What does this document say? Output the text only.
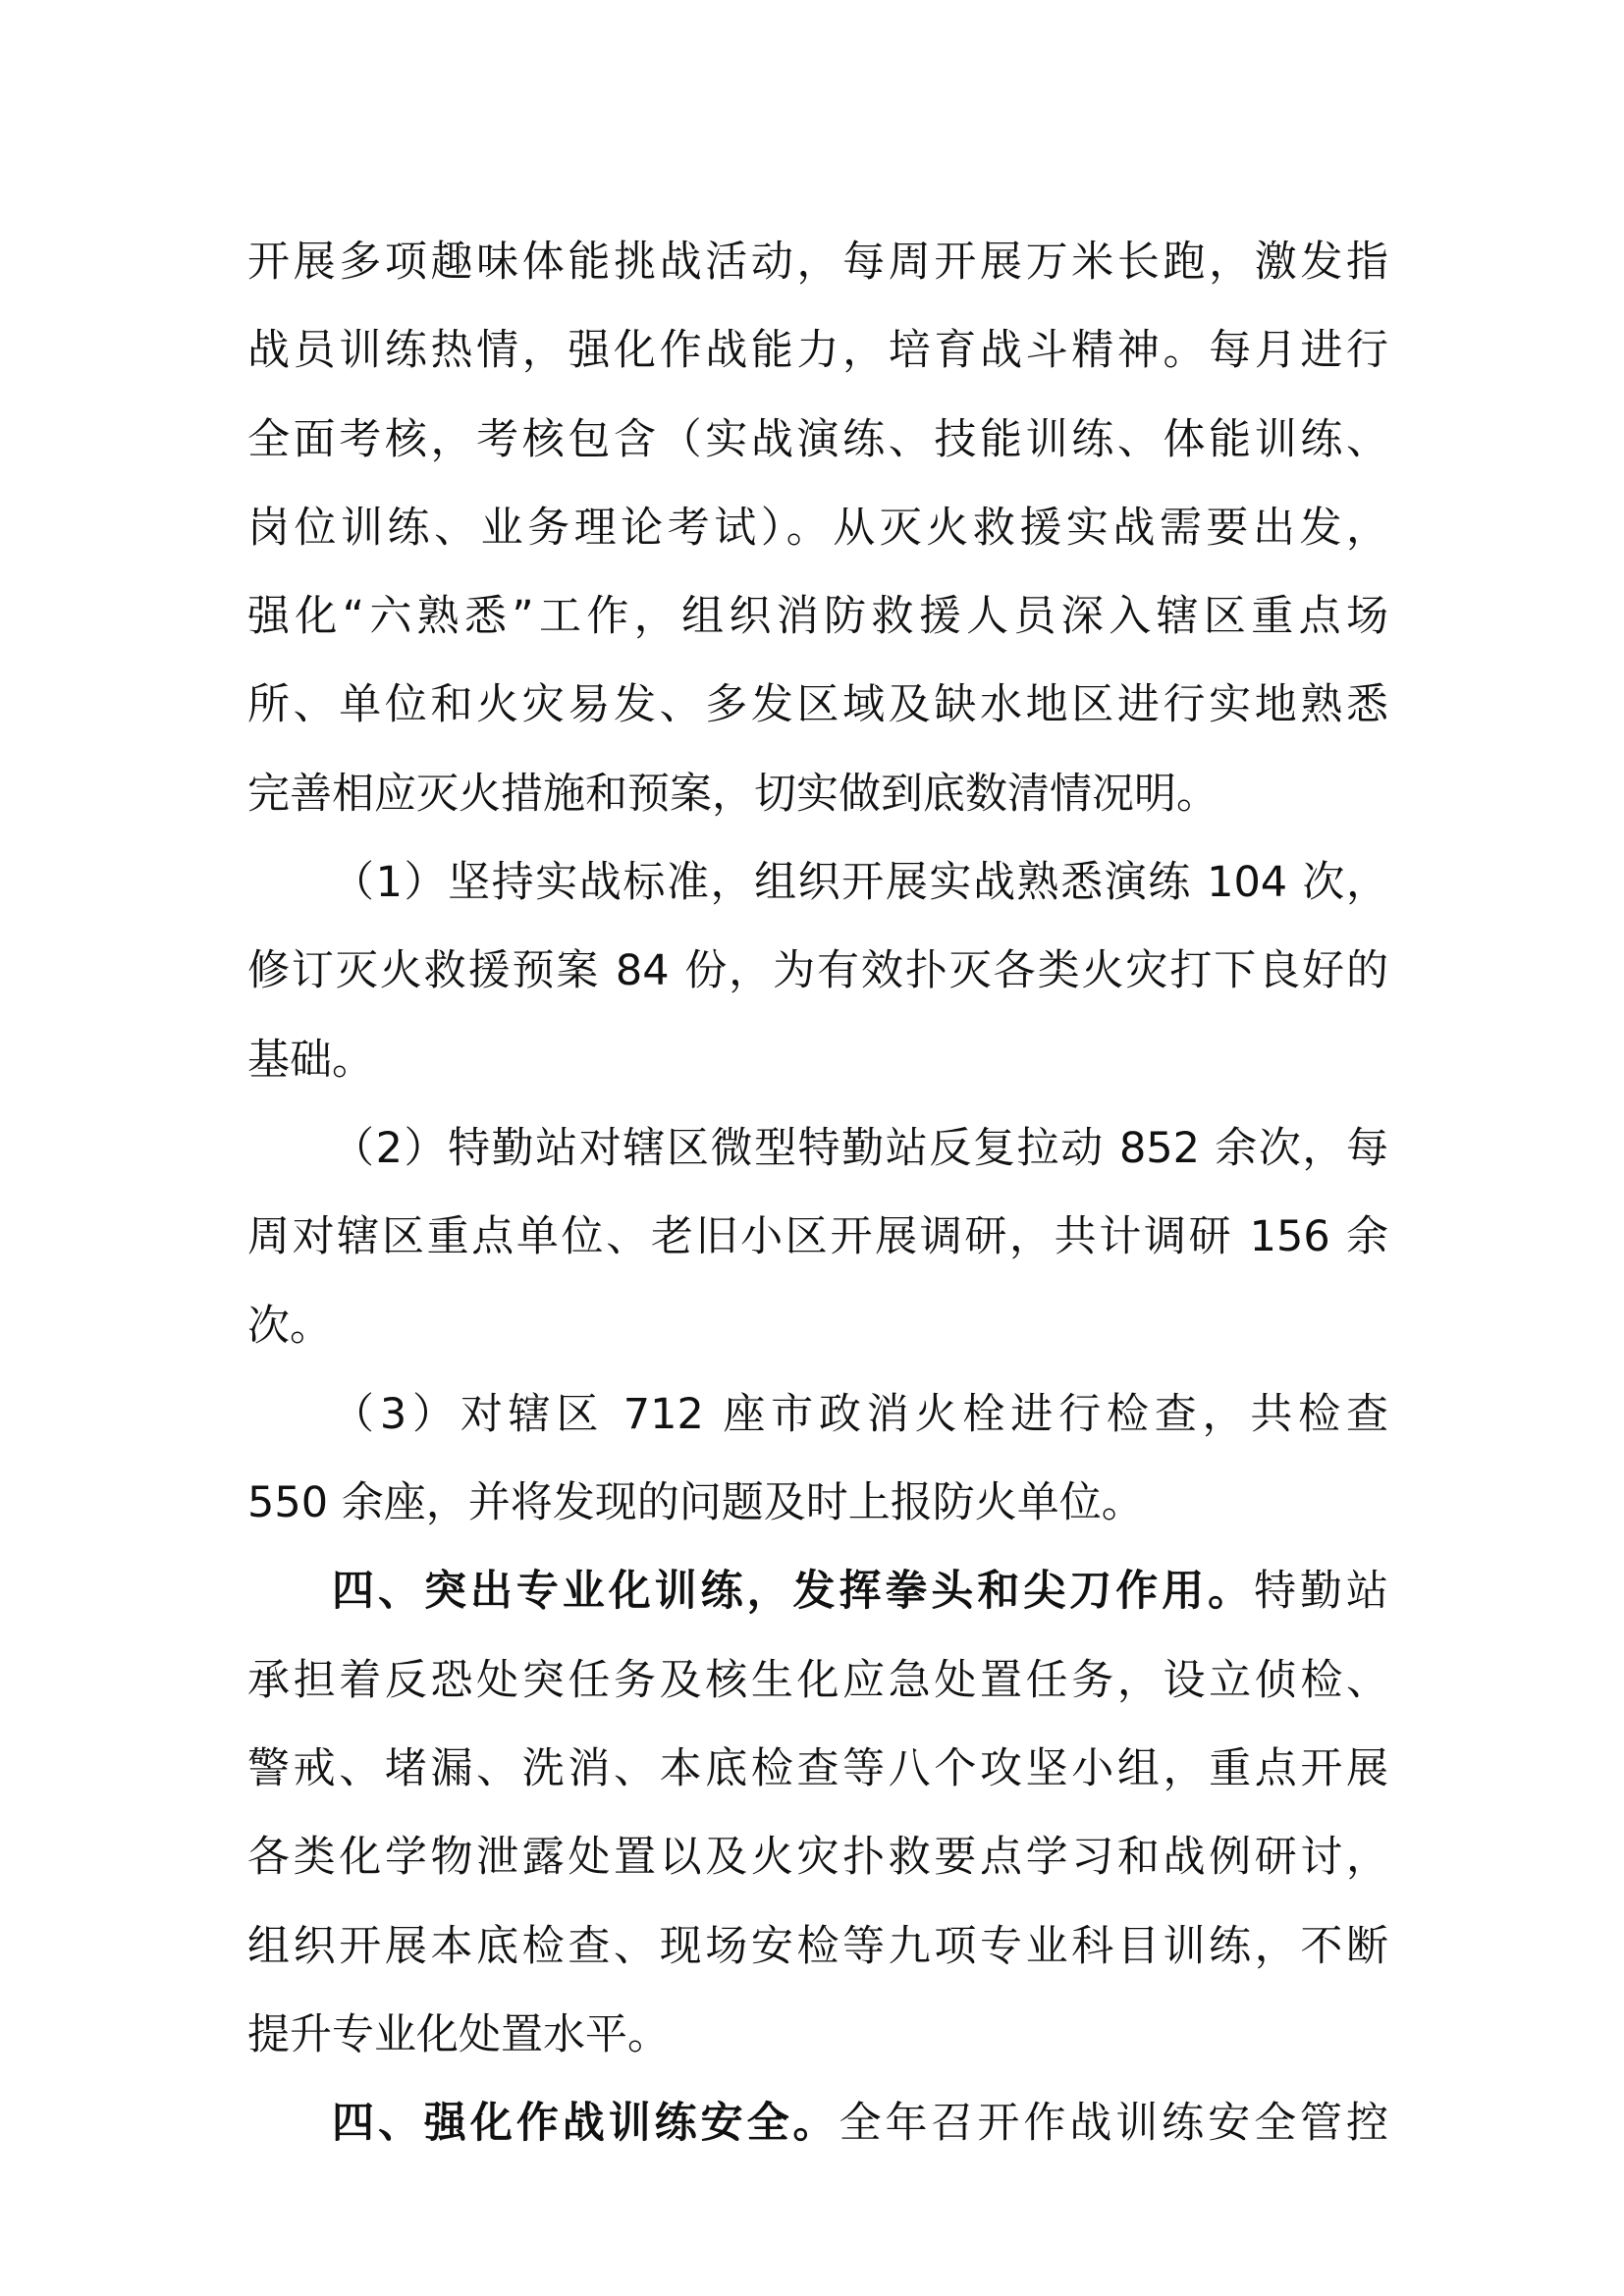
开展多项趣味体能挑战活动，每周开展万米长跑，激发指
战员训练热情，强化作战能力，培育战斗精神。每月进行
全面考核，考核包含（实战演练、技能训练、体能训练、
岗位训练、业务理论考试）。从灭火救援实战需要出发，
强化“六熟悉”工作，组织消防救援人员深入辖区重点场
所、单位和火灾易发、多发区域及缺水地区进行实地熟悉
完善相应灭火措施和预案，切实做到底数清情况明。
（1）坚持实战标准，组织开展实战熟悉演练 104 次，
修订灭火救援预案 84 份，为有效扑灭各类火灾打下良好的
基础。
（2）特勤站对辖区微型特勤站反复拉动 852 余次，每
周对辖区重点单位、老旧小区开展调研，共计调研 156 余
次。
（3）对辖区 712 座市政消火栓进行检查，共检查
550 余座，并将发现的问题及时上报防火单位。
四、突出专业化训练，发挥拳头和尖刀作用。特勤站
承担着反恐处突任务及核生化应急处置任务，设立侦检、
警戒、堵漏、洗消、本底检查等八个攻坚小组，重点开展
各类化学物泄露处置以及火灾扑救要点学习和战例研讨，
组织开展本底检查、现场安检等九项专业科目训练，不断
提升专业化处置水平。
四、强化作战训练安全。全年召开作战训练安全管控
